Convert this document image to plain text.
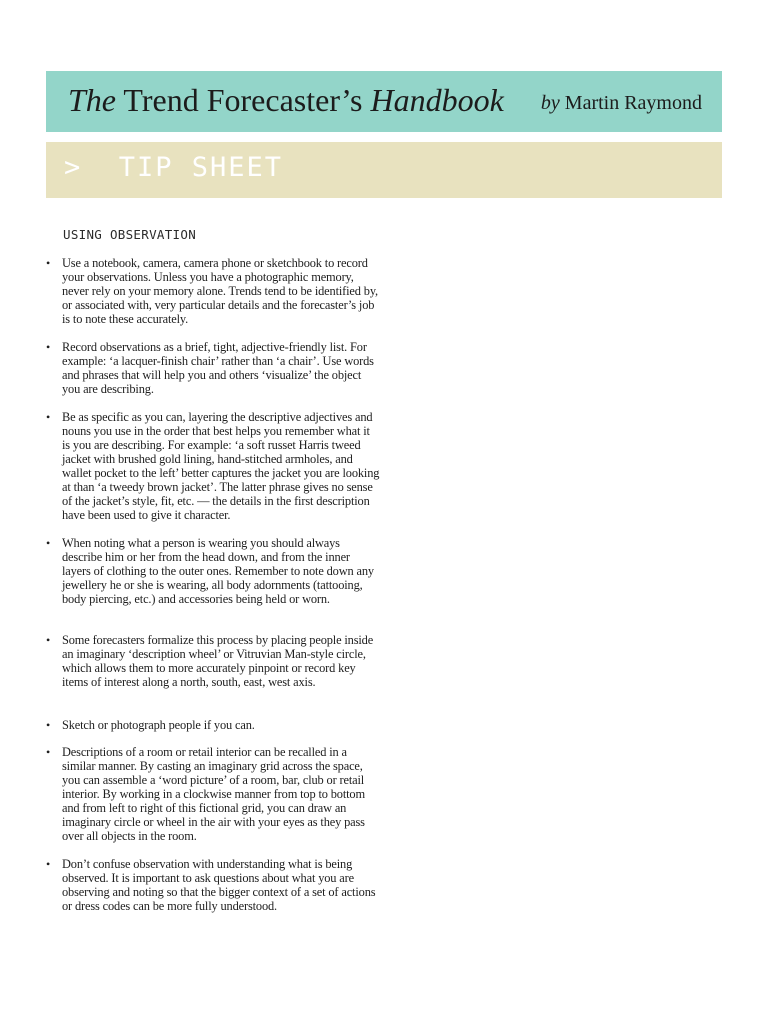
The Trend Forecaster’s Handbook by Martin Raymond
>  TIP SHEET
USING OBSERVATION
• Use a notebook, camera, camera phone or sketchbook to record your observations. Unless you have a photographic memory, never rely on your memory alone. Trends tend to be identified by, or associated with, very particular details and the forecaster’s job is to note these accurately.
• Record observations as a brief, tight, adjective-friendly list. For example: ‘a lacquer-finish chair’ rather than ‘a chair’. Use words and phrases that will help you and others ‘visualize’ the object you are describing.
• Be as specific as you can, layering the descriptive adjectives and nouns you use in the order that best helps you remember what it is you are describing. For example: ‘a soft russet Harris tweed jacket with brushed gold lining, hand-stitched armholes, and wallet pocket to the left’ better captures the jacket you are looking at than ‘a tweedy brown jacket’. The latter phrase gives no sense of the jacket’s style, fit, etc. — the details in the first description have been used to give it character.
• When noting what a person is wearing you should always describe him or her from the head down, and from the inner layers of clothing to the outer ones. Remember to note down any jewellery he or she is wearing, all body adornments (tattooing, body piercing, etc.) and accessories being held or worn.
• Some forecasters formalize this process by placing people inside an imaginary ‘description wheel’ or Vitruvian Man-style circle, which allows them to more accurately pinpoint or record key items of interest along a north, south, east, west axis.
• Sketch or photograph people if you can.
• Descriptions of a room or retail interior can be recalled in a similar manner. By casting an imaginary grid across the space, you can assemble a ‘word picture’ of a room, bar, club or retail interior. By working in a clockwise manner from top to bottom and from left to right of this fictional grid, you can draw an imaginary circle or wheel in the air with your eyes as they pass over all objects in the room.
• Don’t confuse observation with understanding what is being observed. It is important to ask questions about what you are observing and noting so that the bigger context of a set of actions or dress codes can be more fully understood.
